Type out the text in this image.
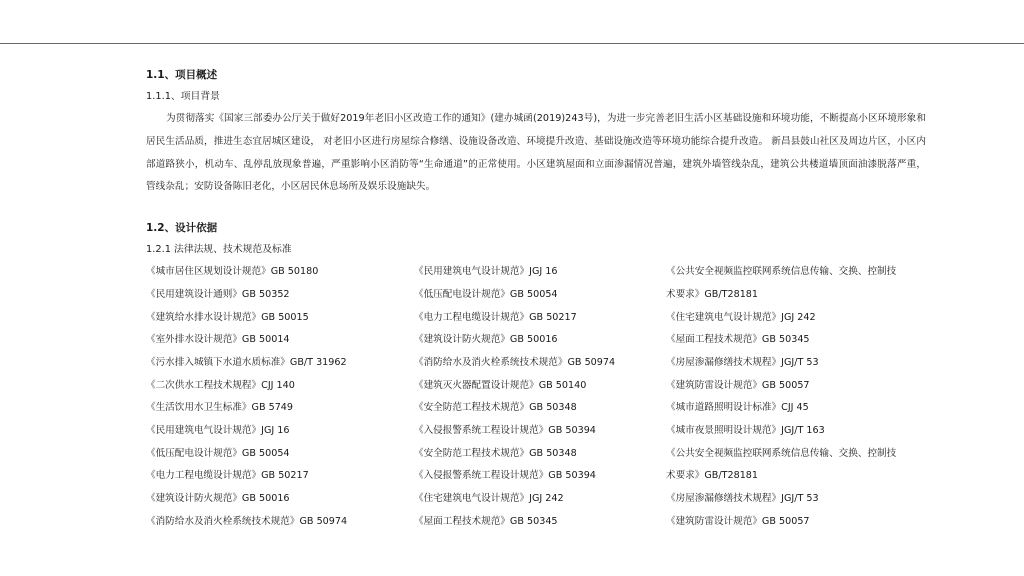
1.1、项目概述
1.1.1、项目背景
为贯彻落实《国家三部委办公厅关于做好2019年老旧小区改造工作的通知》(建办城函(2019)243号)，为进一步完善老旧生活小区基础设施和环境功能，不断提高小区环境形象和居民生活品质，推进生态宜居城区建设， 对老旧小区进行房屋综合修缮、设施设备改造、环境提升改造、基础设施改造等环境功能综合提升改造。 新昌县鼓山社区及周边片区，小区内部道路狭小，机动车、乱停乱放现象普遍，严重影响小区消防等“生命通道”的正常使用。小区建筑屋面和立面渗漏情况普遍，建筑外墙管线杂乱，建筑公共楼道墙顶面油漆脱落严重，管线杂乱；安防设备陈旧老化，小区居民休息场所及娱乐设施缺失。
1.2、设计依据
1.2.1 法律法规、技术规范及标准
《城市居住区规划设计规范》GB 50180	《民用建筑电气设计规范》JGJ 16	《公共安全视频监控联网系统信息传输、交换、控制技
《民用建筑设计通则》GB 50352	《低压配电设计规范》GB 50054	术要求》GB/T28181
《建筑给水排水设计规范》GB 50015	《电力工程电缆设计规范》GB 50217	《住宅建筑电气设计规范》JGJ 242
《室外排水设计规范》GB 50014	《建筑设计防火规范》GB 50016	《屋面工程技术规范》GB 50345
《污水排入城镇下水道水质标准》GB/T 31962	《消防给水及消火栓系统技术规范》GB 50974	《房屋渗漏修缮技术规程》JGJ/T 53
《二次供水工程技术规程》CJJ 140	《建筑灭火器配置设计规范》GB 50140	《建筑防雷设计规范》GB 50057
《生活饮用水卫生标准》GB 5749	《安全防范工程技术规范》GB 50348	《城市道路照明设计标准》CJJ 45
《民用建筑电气设计规范》JGJ 16	《入侵报警系统工程设计规范》GB 50394	《城市夜景照明设计规范》JGJ/T 163
《低压配电设计规范》GB 50054	《安全防范工程技术规范》GB 50348	《公共安全视频监控联网系统信息传输、交换、控制技
《电力工程电缆设计规范》GB 50217	《入侵报警系统工程设计规范》GB 50394	术要求》GB/T28181
《建筑设计防火规范》GB 50016	《住宅建筑电气设计规范》JGJ 242	《房屋渗漏修缮技术规程》JGJ/T 53
《消防给水及消火栓系统技术规范》GB 50974	《屋面工程技术规范》GB 50345	《建筑防雷设计规范》GB 50057
